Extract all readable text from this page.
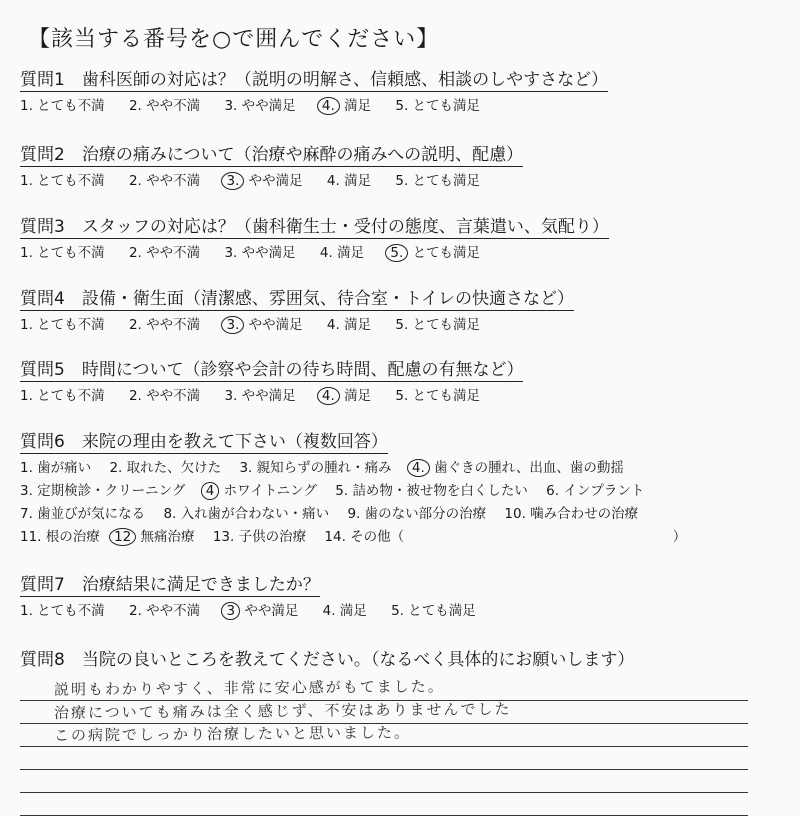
【該当する番号を○で囲んでください】
質問1　歯科医師の対応は？（説明の明解さ、信頼感、相談のしやすさなど）
1. とても不満 2. やや不満 3. やや満足 4. 満足 5. とても満足
質問2　治療の痛みについて（治療や麻酔の痛みへの説明、配慮）
1. とても不満 2. やや不満 3. やや満足 4. 満足 5. とても満足
質問3　スタッフの対応は？（歯科衛生士・受付の態度、言葉遣い、気配り）
1. とても不満 2. やや不満 3. やや満足 4. 満足 5. とても満足
質問4　設備・衛生面（清潔感、雰囲気、待合室・トイレの快適さなど）
1. とても不満 2. やや不満 3. やや満足 4. 満足 5. とても満足
質問5　時間について（診察や会計の待ち時間、配慮の有無など）
1. とても不満 2. やや不満 3. やや満足 4. 満足 5. とても満足
質問6　来院の理由を教えて下さい（複数回答）
1. 歯が痛い 2. 取れた、欠けた 3. 親知らずの腫れ・痛み 4. 歯ぐきの腫れ、出血、歯の動揺
3. 定期検診・クリーニング 4 ホワイトニング 5. 詰め物・被せ物を白くしたい 6. インプラント
7. 歯並びが気になる 8. 入れ歯が合わない・痛い 9. 歯のない部分の治療 10. 噛み合わせの治療
11. 根の治療 12 無痛治療 13. 子供の治療 14. その他（	）
質問7　治療結果に満足できましたか？
1. とても不満 2. やや不満 3 やや満足 4. 満足 5. とても満足
質問8　当院の良いところを教えてください。（なるべく具体的にお願いします）
説明もわかりやすく、非常に安心感がもてました。
治療についても痛みは全く感じず、不安はありませんでした
この病院でしっかり治療したいと思いました。
